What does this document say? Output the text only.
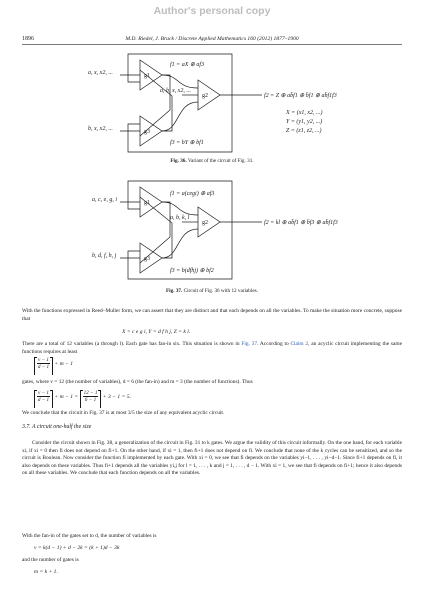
Author's personal copy
1896	M.D. Riedel, J. Bruck / Discrete Applied Mathematics 160 (2012) 1877–1900
g1
g3
g2
a, x, x2, ...
a, b, x, x2, ...
b, x, x2, ...
f1 = aX ⊕ af3
f3 = bY ⊕ bf1
f2 = Z ⊕ ab̄f1 ⊕ b̄f1 ⊕ ab̄f1f3
X = (x1, x2, ...)
Y = (y1, y2, ...)
Z = (z1, z2, ...)
Fig. 36. Variant of the circuit of Fig. 31.
g1
g3
g2
a, c, e, g, i
a, b, k, l
b, d, f, h, j
f1 = a(cegi) ⊕ af3
f3 = b(dfhj) ⊕ bf2
f2 = kl ⊕ ab̄f1 ⊕ b̄f3 ⊕ ab̄f1f3
Fig. 37. Circuit of Fig. 36 with 12 variables.

With the functions expressed in Reed–Muller form, we can assert that they are distinct and that each depends on all the variables. To make the situation more concrete, suppose that

X = c e g i, Y = d f h j, Z = k l.

There are a total of 12 variables (a through l). Each gate has fan-in six. This situation is shown in Fig. 37. According to Claim 2, an acyclic circuit implementing the same functions requires at least

$\frac{v - 1}{d - 1} + m - 1$

gates, where v = 12 (the number of variables), d = 6 (the fan-in) and m = 3 (the number of functions). Thus

$\frac{v - 1}{d - 1} + m - 1 = \frac{12 - 1}{6 - 1} + 3 - 1 = 5$.

We conclude that the circuit in Fig. 37 is at most 3/5 the size of any equivalent acyclic circuit.

3.7. A circuit one-half the size

Consider the circuit shown in Fig. 38, a generalization of the circuit in Fig. 31 to k gates. We argue the validity of this circuit informally. On the one hand, for each variable xi, if xi = 0 then fi does not depend on fi+1. On the other hand, if xi = 1, then fi+1 does not depend on fi. We conclude that none of the k cycles can be sensitized, and so the circuit is Boolean. Now consider the function fi implemented by each gate. With xi = 0, we see that fi depends on the variables yi−1, . . . , yi−d−1. Since fi+1 depends on fi, it also depends on these variables. Thus fi+1 depends all the variables yi,j for l = 1, . . . , k and j = 1, . . . , d − 1. With xi = 1, we see that fi depends on fi+1; hence it also depends on all these variables. We conclude that each function depends on all the variables.

With the fan-in of the gates set to d, the number of variables is

v = k(d − 1) + d − 2k = (k + 1)d − 3k

and the number of gates is

m = k + 1.
